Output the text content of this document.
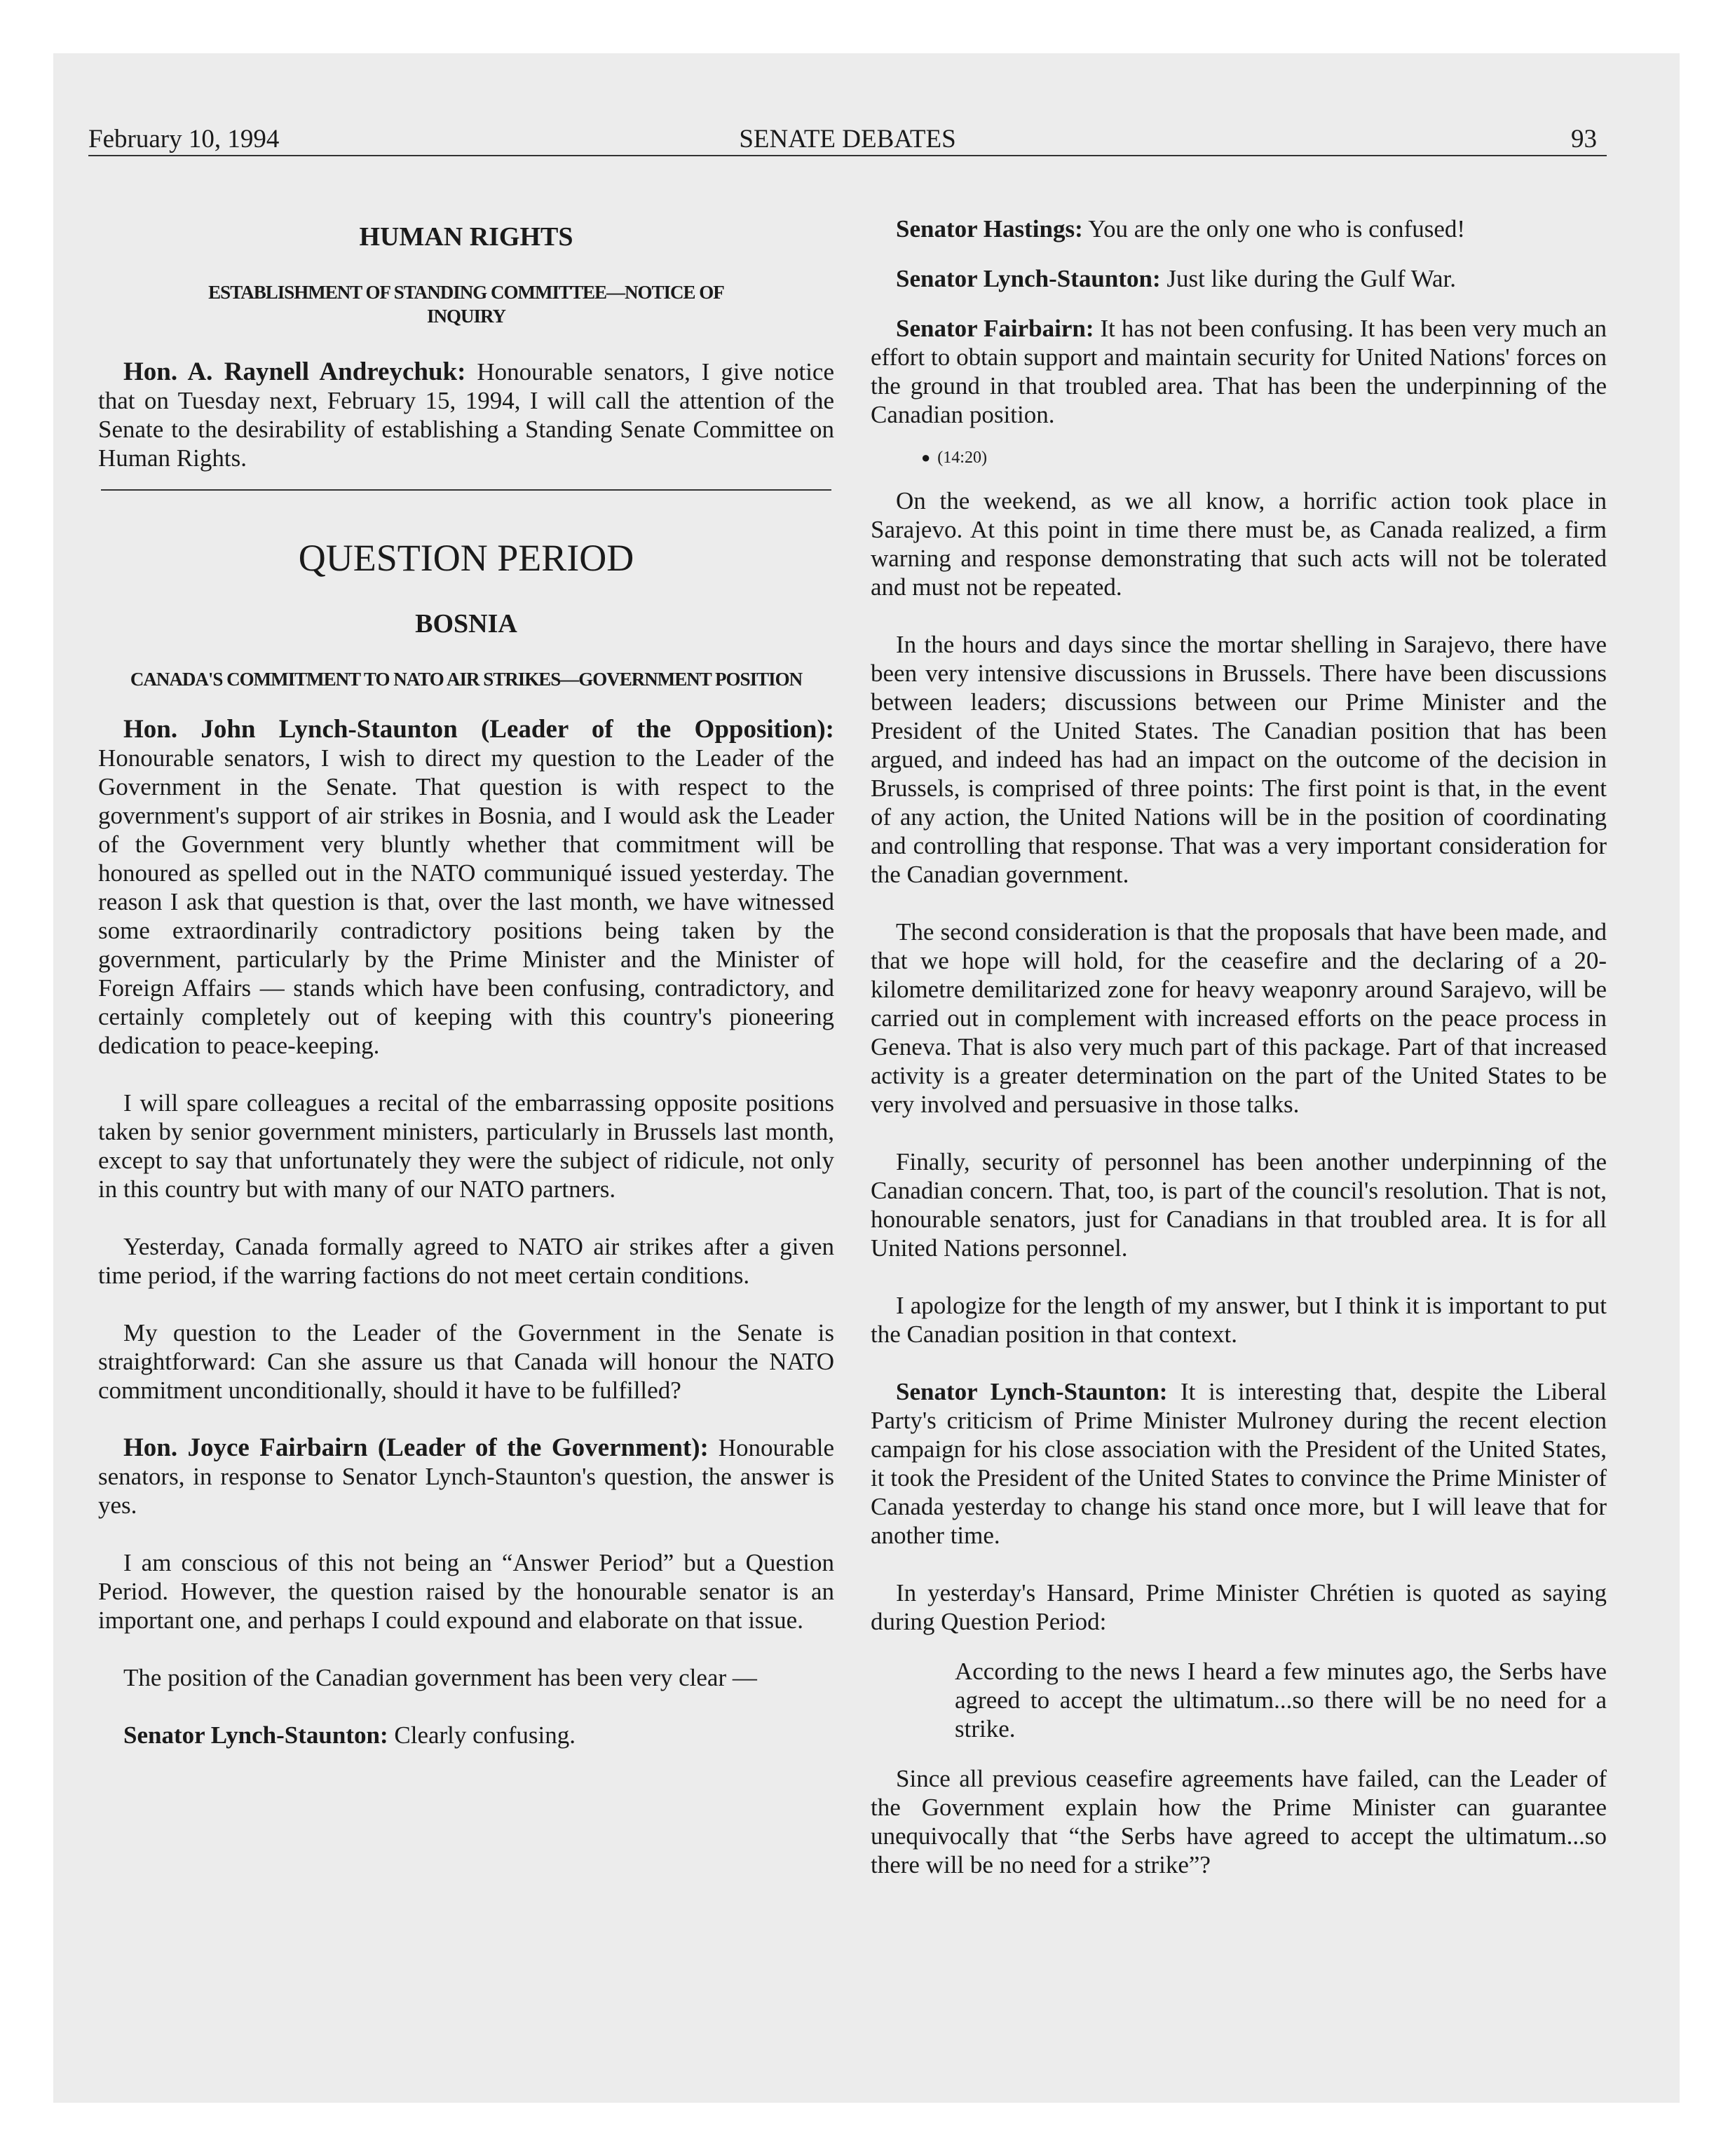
February 10, 1994	SENATE DEBATES	93
HUMAN RIGHTS
ESTABLISHMENT OF STANDING COMMITTEE—NOTICE OF INQUIRY

Hon. A. Raynell Andreychuk: Honourable senators, I give notice that on Tuesday next, February 15, 1994, I will call the attention of the Senate to the desirability of establishing a Standing Senate Committee on Human Rights.

QUESTION PERIOD
BOSNIA
CANADA'S COMMITMENT TO NATO AIR STRIKES—GOVERNMENT POSITION

Hon. John Lynch-Staunton (Leader of the Opposition): Honourable senators, I wish to direct my question to the Leader of the Government in the Senate. That question is with respect to the government's support of air strikes in Bosnia, and I would ask the Leader of the Government very bluntly whether that commitment will be honoured as spelled out in the NATO communiqué issued yesterday. The reason I ask that question is that, over the last month, we have witnessed some extraordinarily contradictory positions being taken by the government, particularly by the Prime Minister and the Minister of Foreign Affairs — stands which have been confusing, contradictory, and certainly completely out of keeping with this country's pioneering dedication to peace-keeping.

I will spare colleagues a recital of the embarrassing opposite positions taken by senior government ministers, particularly in Brussels last month, except to say that unfortunately they were the subject of ridicule, not only in this country but with many of our NATO partners.

Yesterday, Canada formally agreed to NATO air strikes after a given time period, if the warring factions do not meet certain conditions.

My question to the Leader of the Government in the Senate is straightforward: Can she assure us that Canada will honour the NATO commitment unconditionally, should it have to be fulfilled?

Hon. Joyce Fairbairn (Leader of the Government): Honourable senators, in response to Senator Lynch-Staunton's question, the answer is yes.

I am conscious of this not being an “Answer Period” but a Question Period. However, the question raised by the honourable senator is an important one, and perhaps I could expound and elaborate on that issue.

The position of the Canadian government has been very clear —

Senator Lynch-Staunton: Clearly confusing.

Senator Hastings: You are the only one who is confused!

Senator Lynch-Staunton: Just like during the Gulf War.

Senator Fairbairn: It has not been confusing. It has been very much an effort to obtain support and maintain security for United Nations' forces on the ground in that troubled area. That has been the underpinning of the Canadian position.

● (14:20)

On the weekend, as we all know, a horrific action took place in Sarajevo. At this point in time there must be, as Canada realized, a firm warning and response demonstrating that such acts will not be tolerated and must not be repeated.

In the hours and days since the mortar shelling in Sarajevo, there have been very intensive discussions in Brussels. There have been discussions between leaders; discussions between our Prime Minister and the President of the United States. The Canadian position that has been argued, and indeed has had an impact on the outcome of the decision in Brussels, is comprised of three points: The first point is that, in the event of any action, the United Nations will be in the position of coordinating and controlling that response. That was a very important consideration for the Canadian government.

The second consideration is that the proposals that have been made, and that we hope will hold, for the ceasefire and the declaring of a 20-kilometre demilitarized zone for heavy weaponry around Sarajevo, will be carried out in complement with increased efforts on the peace process in Geneva. That is also very much part of this package. Part of that increased activity is a greater determination on the part of the United States to be very involved and persuasive in those talks.

Finally, security of personnel has been another underpinning of the Canadian concern. That, too, is part of the council's resolution. That is not, honourable senators, just for Canadians in that troubled area. It is for all United Nations personnel.

I apologize for the length of my answer, but I think it is important to put the Canadian position in that context.

Senator Lynch-Staunton: It is interesting that, despite the Liberal Party's criticism of Prime Minister Mulroney during the recent election campaign for his close association with the President of the United States, it took the President of the United States to convince the Prime Minister of Canada yesterday to change his stand once more, but I will leave that for another time.

In yesterday's Hansard, Prime Minister Chrétien is quoted as saying during Question Period:

According to the news I heard a few minutes ago, the Serbs have agreed to accept the ultimatum...so there will be no need for a strike.

Since all previous ceasefire agreements have failed, can the Leader of the Government explain how the Prime Minister can guarantee unequivocally that “the Serbs have agreed to accept the ultimatum...so there will be no need for a strike”?
